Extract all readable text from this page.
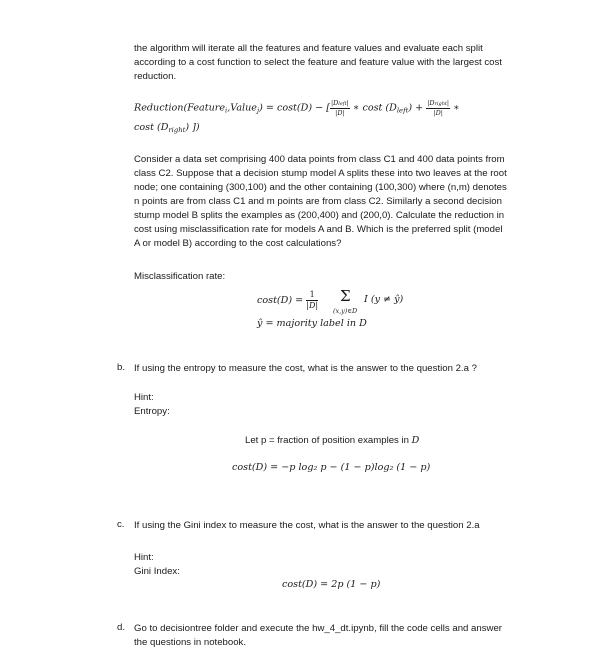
the algorithm will iterate all the features and feature values and evaluate each split
according to a cost function to select the feature and feature value with the largest cost
reduction.
Reduction(Feature$_i$,Value$_j$) = cost(D) − [ $\frac{\text{|Dleft|}}{|D|}$ ∗ cost $(D_{left}) + \frac{\text{|Dright|}}{|D|}$ ∗
cost $(D_{right})$ ])
Consider a data set comprising 400 data points from class C1 and 400 data points from
class C2. Suppose that a decision stump model A splits these into two leaves at the root
node; one containing (300,100) and the other containing (100,300) where (n,m) denotes
n points are from class C1 and m points are from class C2. Similarly a second decision
stump model B splits the examples as (200,400) and (200,0). Calculate the reduction in
cost using misclassification rate for models A and B. Which is the preferred split (model
A or model B) according to the cost calculations?
Misclassification rate:
$\cos t(D) = \frac{1}{|D|}$ Σ
(x,y)∈D
I (y ≠ ŷ)
ŷ = majority label in D
b. If using the entropy to measure the cost, what is the answer to the question 2.a ?
Hint:
Entropy:
Let p = fraction of position examples in D
cost(D) = −p log₂ p − (1 − p)log₂ (1 − p)
c. If using the Gini index to measure the cost, what is the answer to the question 2.a
Hint:
Gini Index:
cost(D) = 2p (1 − p)
d. Go to decisiontree folder and execute the hw_4_dt.ipynb, fill the code cells and answer
the questions in notebook.
